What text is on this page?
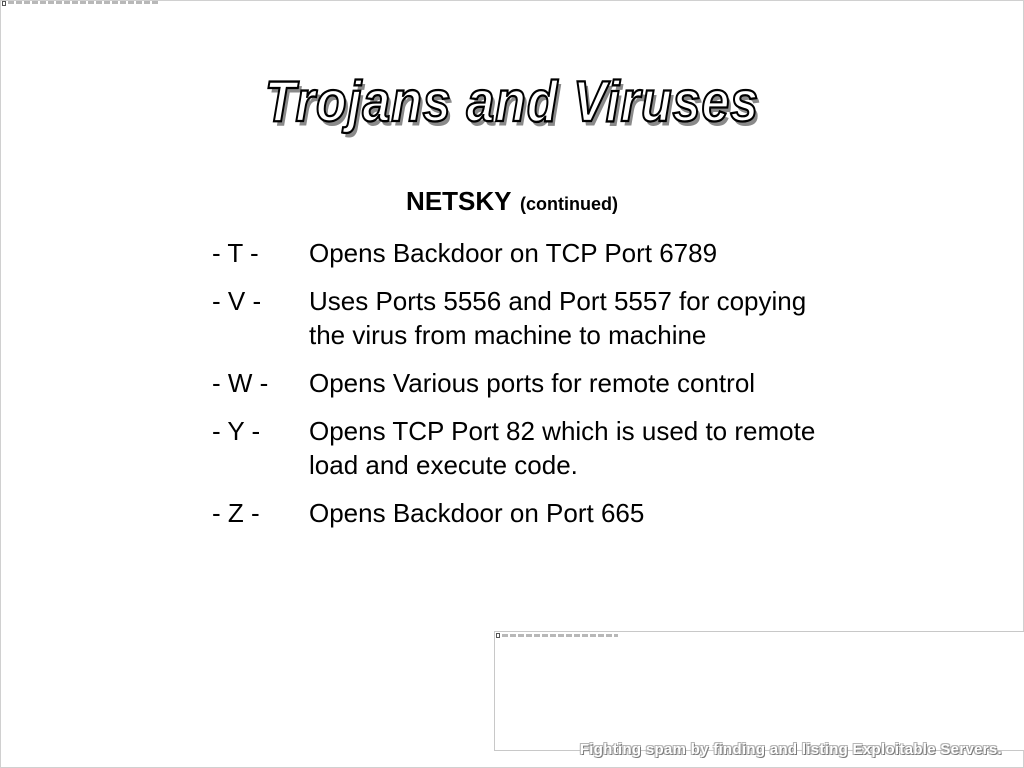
Trojans and Viruses
NETSKY (continued)
- T -	Opens Backdoor on TCP Port 6789
- V -	Uses Ports 5556 and Port 5557 for copying the virus from machine to machine
- W -	Opens Various ports for remote control
- Y -	Opens TCP Port 82 which is used to remote load and execute code.
- Z -	Opens Backdoor on Port 665
Fighting spam by finding and listing Exploitable Servers.
